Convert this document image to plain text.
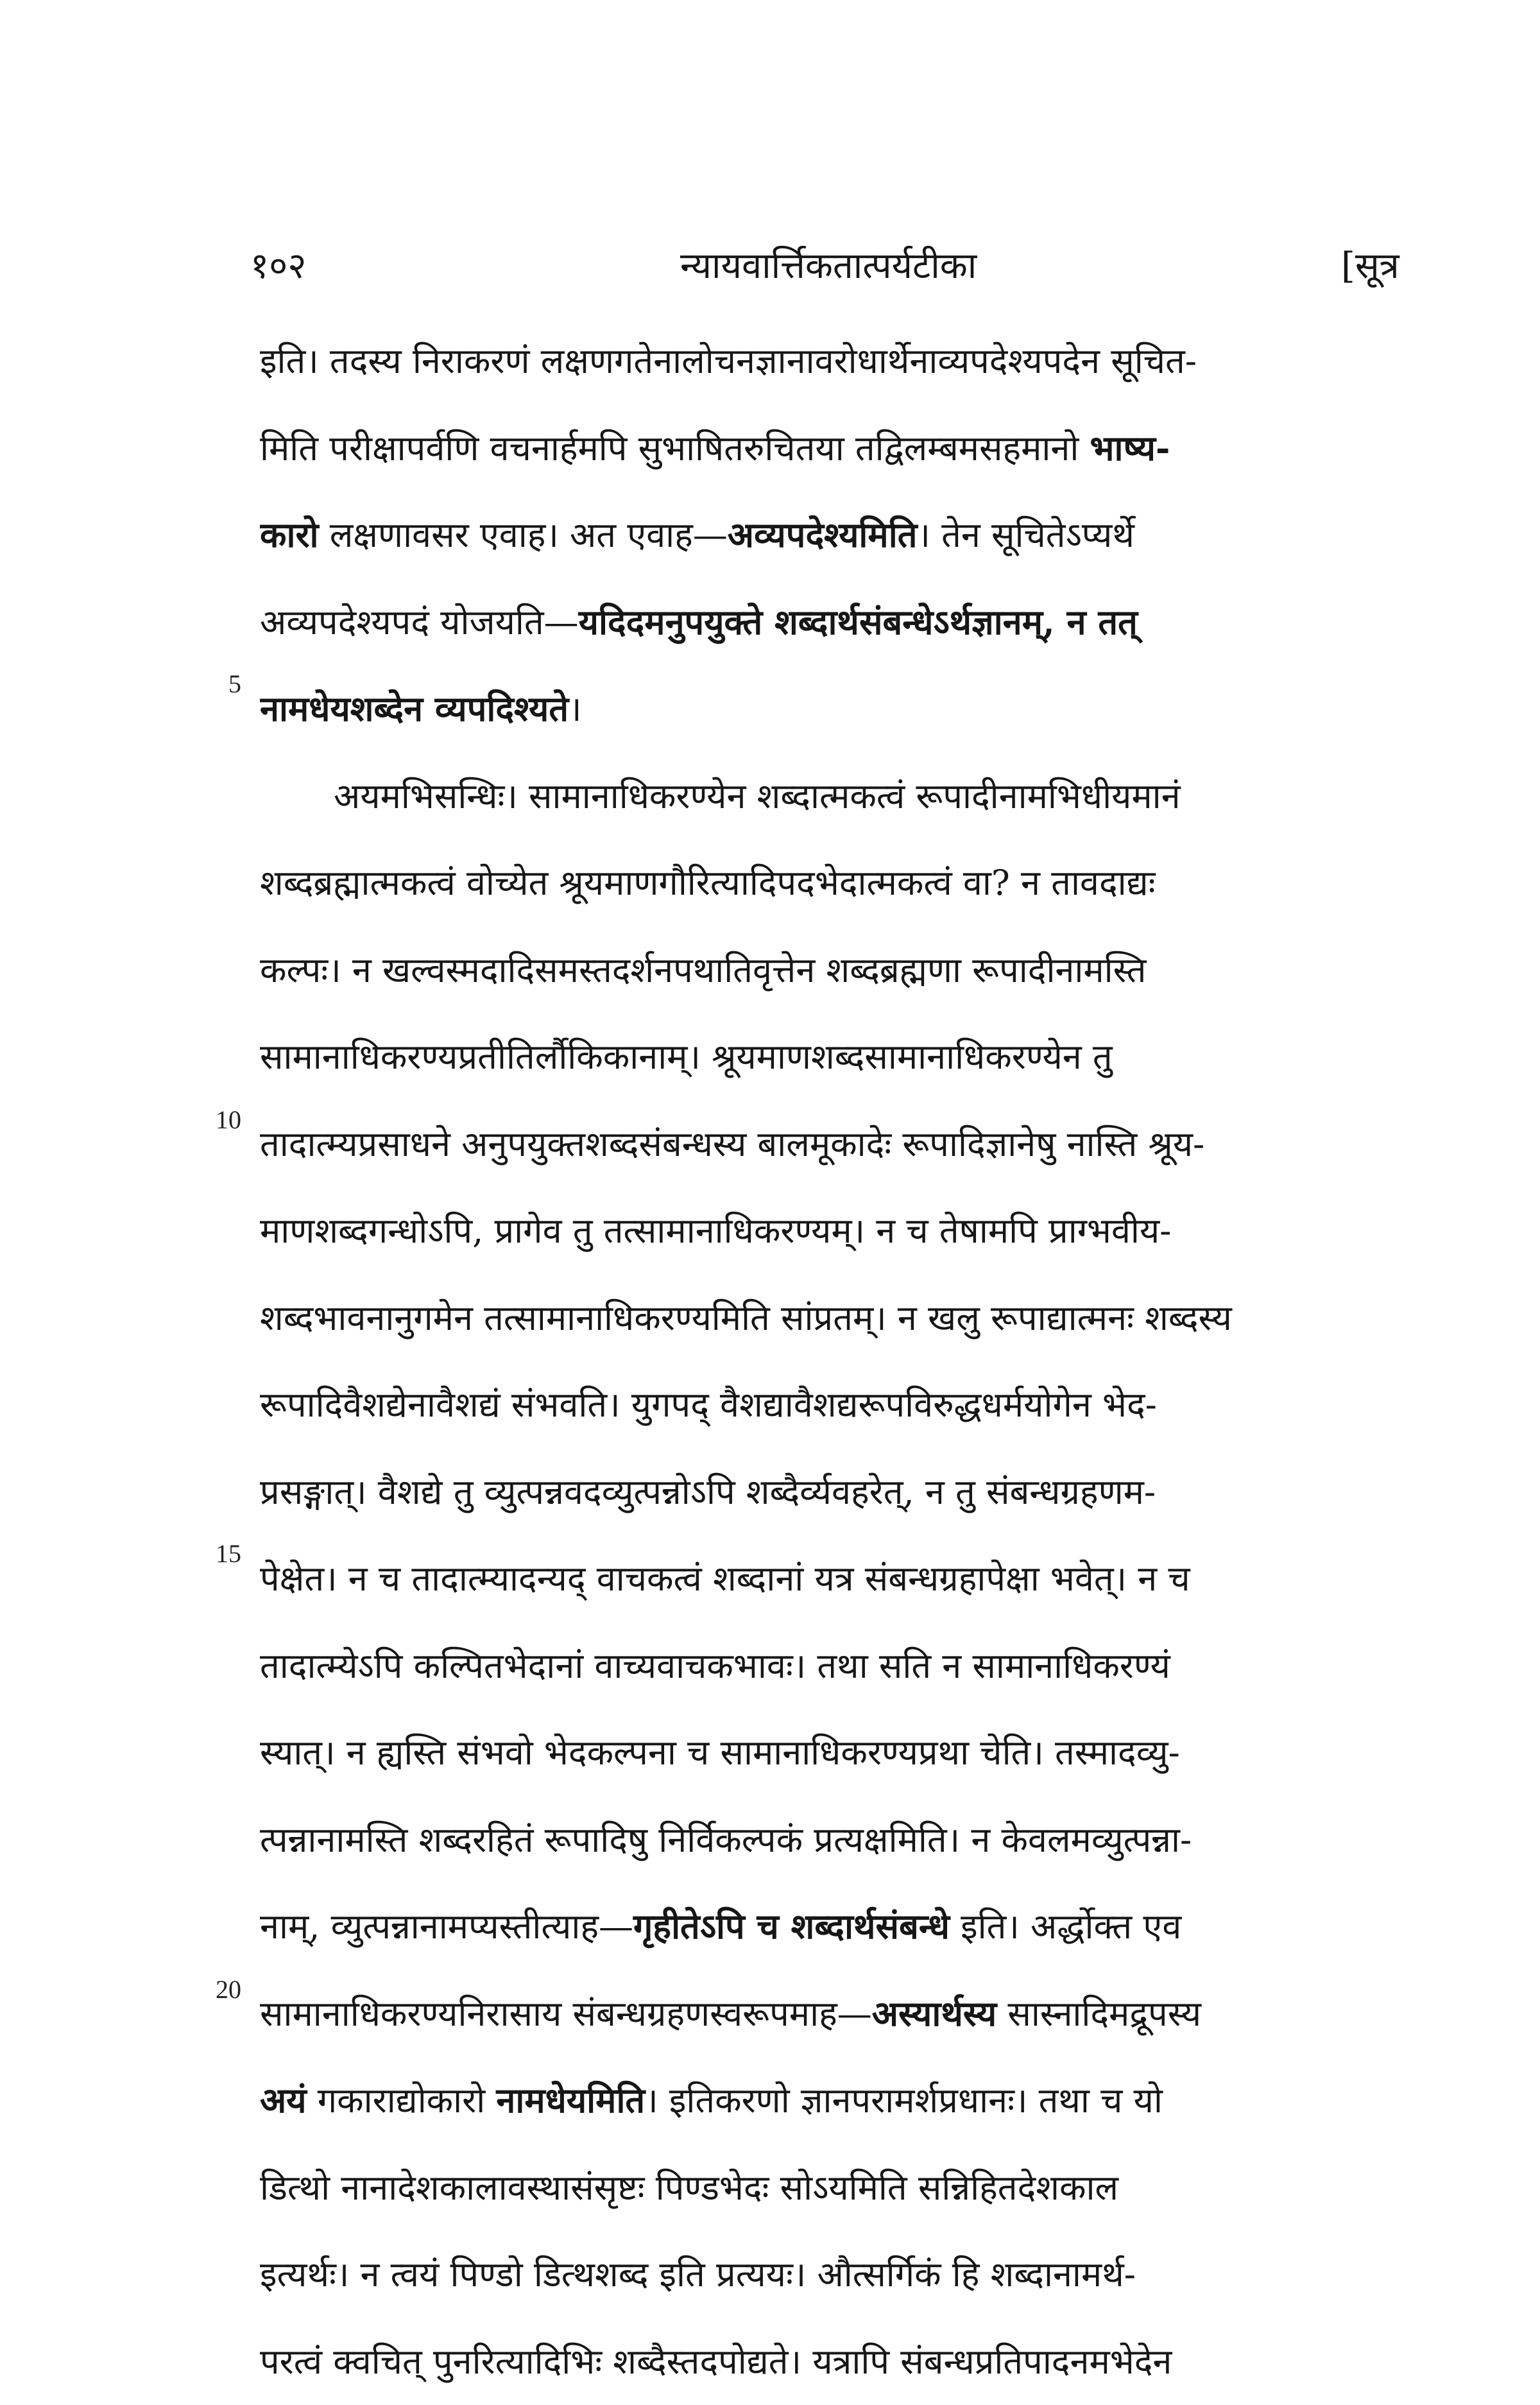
१०२	न्यायवार्त्तिकतात्पर्यटीका	[सूत्र
5
10
15
20
इति। तदस्य निराकरणं लक्षणगतेनालोचनज्ञानावरोधार्थेनाव्यपदेश्यपदेन सूचित-
मिति परीक्षापर्वणि वचनार्हमपि सुभाषितरुचितया तद्विलम्बमसहमानो भाष्य-
कारो लक्षणावसर एवाह। अत एवाह—अव्यपदेश्यमिति। तेन सूचितेऽप्यर्थे
अव्यपदेश्यपदं योजयति—यदिदमनुपयुक्ते शब्दार्थसंबन्धेऽर्थज्ञानम्, न तत्
नामधेयशब्देन व्यपदिश्यते।
अयमभिसन्धिः। सामानाधिकरण्येन शब्दात्मकत्वं रूपादीनामभिधीयमानं
शब्दब्रह्मात्मकत्वं वोच्येत श्रूयमाणगौरित्यादिपदभेदात्मकत्वं वा? न तावदाद्यः
कल्पः। न खल्वस्मदादिसमस्तदर्शनपथातिवृत्तेन शब्दब्रह्मणा रूपादीनामस्ति
सामानाधिकरण्यप्रतीतिर्लौकिकानाम्। श्रूयमाणशब्दसामानाधिकरण्येन तु
तादात्म्यप्रसाधने अनुपयुक्तशब्दसंबन्धस्य बालमूकादेः रूपादिज्ञानेषु नास्ति श्रूय-
माणशब्दगन्धोऽपि, प्रागेव तु तत्सामानाधिकरण्यम्। न च तेषामपि प्राग्भवीय-
शब्दभावनानुगमेन तत्सामानाधिकरण्यमिति सांप्रतम्। न खलु रूपाद्यात्मनः शब्दस्य
रूपादिवैशद्येनावैशद्यं संभवति। युगपद् वैशद्यावैशद्यरूपविरुद्धधर्मयोगेन भेद-
प्रसङ्गात्। वैशद्ये तु व्युत्पन्नवदव्युत्पन्नोऽपि शब्दैर्व्यवहरेत्, न तु संबन्धग्रहणम-
पेक्षेत। न च तादात्म्यादन्यद् वाचकत्वं शब्दानां यत्र संबन्धग्रहापेक्षा भवेत्। न च
तादात्म्येऽपि कल्पितभेदानां वाच्यवाचकभावः। तथा सति न सामानाधिकरण्यं
स्यात्। न ह्यस्ति संभवो भेदकल्पना च सामानाधिकरण्यप्रथा चेति। तस्मादव्यु-
त्पन्नानामस्ति शब्दरहितं रूपादिषु निर्विकल्पकं प्रत्यक्षमिति। न केवलमव्युत्पन्ना-
नाम्, व्युत्पन्नानामप्यस्तीत्याह—गृहीतेऽपि च शब्दार्थसंबन्धे इति। अर्द्धोक्त एव
सामानाधिकरण्यनिरासाय संबन्धग्रहणस्वरूपमाह—अस्यार्थस्य सास्नादिमद्रूपस्य
अयं गकाराद्योकारो नामधेयमिति। इतिकरणो ज्ञानपरामर्शप्रधानः। तथा च यो
डित्थो नानादेशकालावस्थासंसृष्टः पिण्डभेदः सोऽयमिति सन्निहितदेशकाल
इत्यर्थः। न त्वयं पिण्डो डित्थशब्द इति प्रत्ययः। औत्सर्गिकं हि शब्दानामर्थ-
परत्वं क्वचित् पुनरित्यादिभिः शब्दैस्तदपोद्यते। यत्रापि संबन्धप्रतिपादनमभेदेन
